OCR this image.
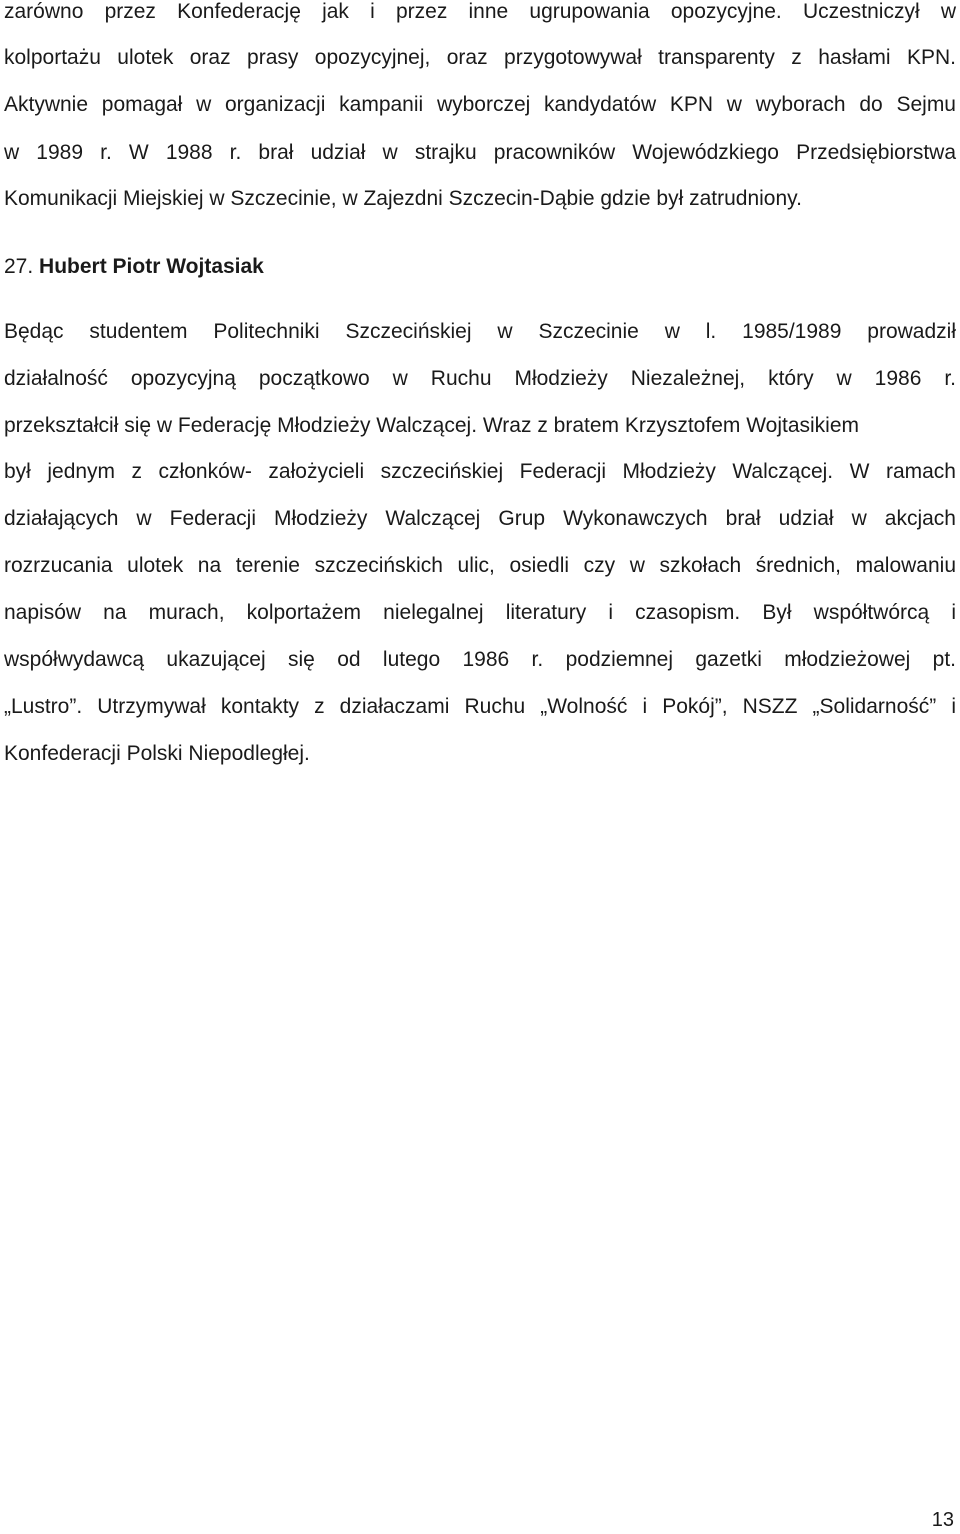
zarówno przez Konfederację jak i przez inne ugrupowania opozycyjne. Uczestniczył w
kolportażu ulotek oraz prasy opozycyjnej, oraz przygotowywał transparenty z hasłami KPN.
Aktywnie pomagał w organizacji kampanii wyborczej kandydatów KPN w wyborach do Sejmu
w 1989 r. W 1988 r. brał udział w strajku pracowników Wojewódzkiego Przedsiębiorstwa
Komunikacji Miejskiej w Szczecinie, w Zajezdni Szczecin-Dąbie gdzie był zatrudniony.
27. Hubert Piotr Wojtasiak
Będąc studentem Politechniki Szczecińskiej w Szczecinie w l. 1985/1989 prowadził
działalność opozycyjną początkowo w Ruchu Młodzieży Niezależnej, który w 1986 r.
przekształcił się w Federację Młodzieży Walczącej. Wraz z bratem Krzysztofem Wojtasikiem
był jednym z członków- założycieli szczecińskiej Federacji Młodzieży Walczącej. W ramach
działających w Federacji Młodzieży Walczącej Grup Wykonawczych brał udział w akcjach
rozrzucania ulotek na terenie szczecińskich ulic, osiedli czy w szkołach średnich, malowaniu
napisów na murach, kolportażem nielegalnej literatury i czasopism. Był współtwórcą i
współwydawcą ukazującej się od lutego 1986 r. podziemnej gazetki młodzieżowej pt.
„Lustro”. Utrzymywał kontakty z działaczami Ruchu „Wolność i Pokój”, NSZZ „Solidarność” i
Konfederacji Polski Niepodległej.
13
